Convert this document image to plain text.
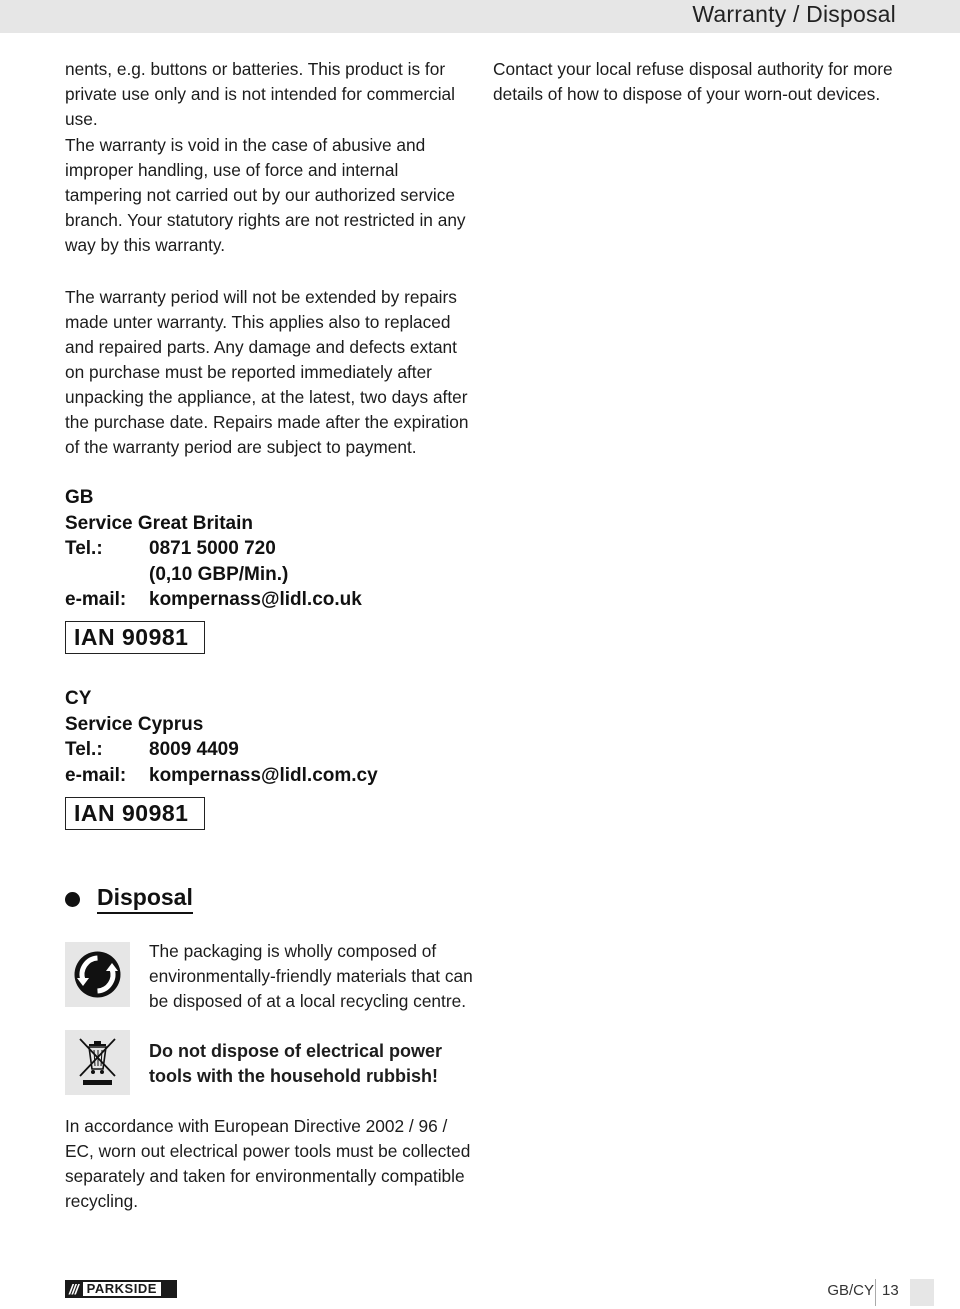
Warranty / Disposal

nents, e.g. buttons or batteries. This product is for private use only and is not intended for commercial use.

Contact your local refuse disposal authority for more details of how to dispose of your worn-out devices.

The warranty is void in the case of abusive and improper handling, use of force and internal tampering not carried out by our authorized service branch. Your statutory rights are not restricted in any way by this warranty.

The warranty period will not be extended by repairs made unter warranty. This applies also to replaced and repaired parts. Any damage and defects extant on purchase must be reported immediately after unpacking the appliance, at the latest, two days after the purchase date. Repairs made after the expiration of the warranty period are subject to payment.

GB
Service Great Britain
Tel.:	0871 5000 720
(0,10 GBP/Min.)
e-mail:	kompernass@lidl.co.uk
IAN 90981
CY
Service Cyprus
Tel.:	8009 4409
e-mail:	kompernass@lidl.com.cy
IAN 90981
Disposal

The packaging is wholly composed of environmentally-friendly materials that can be disposed of at a local recycling centre.

Do not dispose of electrical power tools with the household rubbish!

In accordance with European Directive 2002 / 96 / EC, worn out electrical power tools must be collected separately and taken for environmentally compatible recycling.

/// PARKSIDE	GB/CY 13
